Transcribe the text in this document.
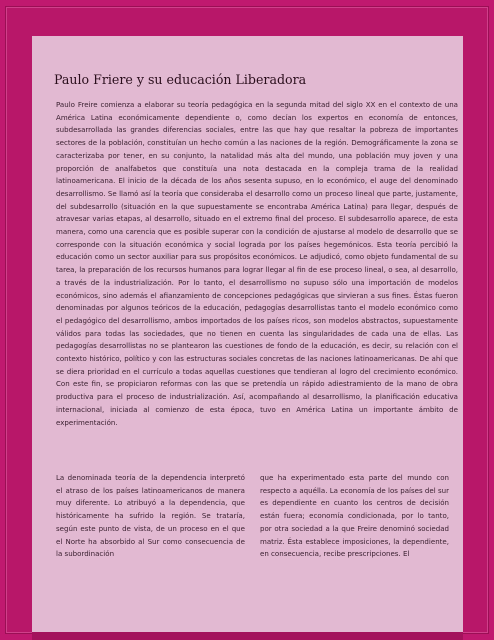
Paulo Friere y su educación Liberadora

Paulo Freire comienza a elaborar su teoría pedagógica en la segunda mitad del siglo XX en el contexto de una América Latina económicamente dependiente o, como decían los expertos en economía de entonces, subdesarrollada las grandes diferencias sociales, entre las que hay que resaltar la pobreza de importantes sectores de la población, constituían un hecho común a las naciones de la región. Demográficamente la zona se caracterizaba por tener, en su conjunto, la natalidad más alta del mundo, una población muy joven y una proporción de analfabetos que constituía una nota destacada en la compleja trama de la realidad latinoamericana. El inicio de la década de los años sesenta supuso, en lo económico, el auge del denominado desarrollismo. Se llamó así la teoría que consideraba el desarrollo como un proceso lineal que parte, justamente, del subdesarrollo (situación en la que supuestamente se encontraba América Latina) para llegar, después de atravesar varias etapas, al desarrollo, situado en el extremo final del proceso. El subdesarrollo aparece, de esta manera, como una carencia que es posible superar con la condición de ajustarse al modelo de desarrollo que se corresponde con la situación económica y social lograda por los países hegemónicos. Esta teoría percibió la educación como un sector auxiliar para sus propósitos económicos. Le adjudicó, como objeto fundamental de su tarea, la preparación de los recursos humanos para lograr llegar al fin de ese proceso lineal, o sea, al desarrollo, a través de la industrialización. Por lo tanto, el desarrollismo no supuso sólo una importación de modelos económicos, sino además el afianzamiento de concepciones pedagógicas que sirvieran a sus fines. Éstas fueron denominadas por algunos teóricos de la educación, pedagogías desarrollistas tanto el modelo económico como el pedagógico del desarrollismo, ambos importados de los países ricos, son modelos abstractos, supuestamente válidos para todas las sociedades, que no tienen en cuenta las singularidades de cada una de ellas. Las pedagogías desarrollistas no se plantearon las cuestiones de fondo de la educación, es decir, su relación con el contexto histórico, político y con las estructuras sociales concretas de las naciones latinoamericanas. De ahí que se diera prioridad en el currículo a todas aquellas cuestiones que tendieran al logro del crecimiento económico. Con este fin, se propiciaron reformas con las que se pretendía un rápido adiestramiento de la mano de obra productiva para el proceso de industrialización. Así, acompañando al desarrollismo, la planificación educativa internacional, iniciada al comienzo de esta época, tuvo en América Latina un importante ámbito de experimentación.

La denominada teoría de la dependencia interpretó el atraso de los países latinoamericanos de manera muy diferente. Lo atribuyó a la dependencia, que históricamente ha sufrido la región. Se trataría, según este punto de vista, de un proceso en el que el Norte ha absorbido al Sur como consecuencia de la subordinación

que ha experimentado esta parte del mundo con respecto a aquélla. La economía de los países del sur es dependiente en cuanto los centros de decisión están fuera; economía condicionada, por lo tanto, por otra sociedad a la que Freire denominó sociedad matriz. Ésta establece imposiciones, la dependiente, en consecuencia, recibe prescripciones. El
